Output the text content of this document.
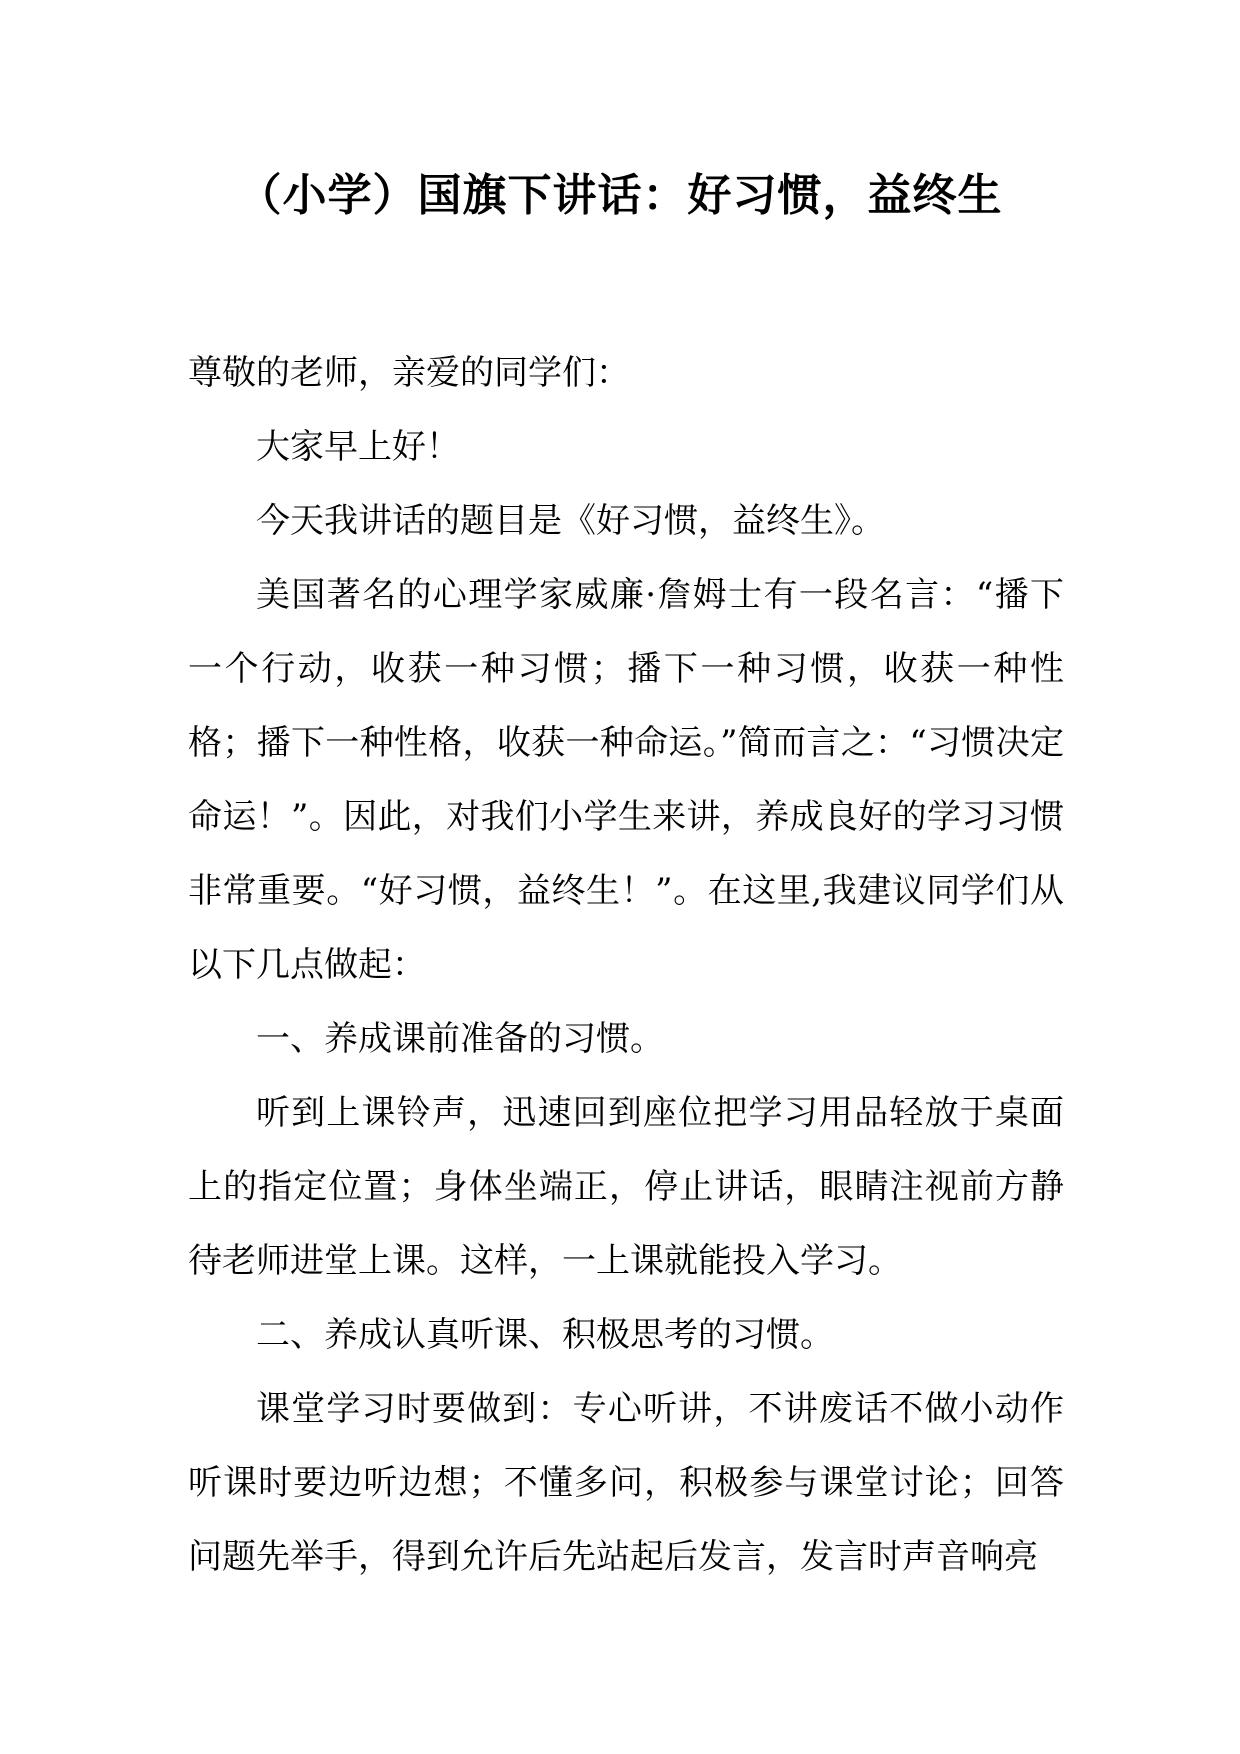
（小学）国旗下讲话：好习惯，益终生

尊敬的老师，亲爱的同学们：

大家早上好！

今天我讲话的题目是《好习惯，益终生》。

美国著名的心理学家威廉·詹姆士有一段名言：“播下一个行动，收获一种习惯；播下一种习惯，收获一种性格；播下一种性格，收获一种命运。”简而言之：“习惯决定命运！”。因此，对我们小学生来讲，养成良好的学习习惯非常重要。“好习惯，益终生！”。在这里,我建议同学们从以下几点做起：

一、养成课前准备的习惯。

听到上课铃声，迅速回到座位把学习用品轻放于桌面上的指定位置；身体坐端正，停止讲话，眼睛注视前方静待老师进堂上课。这样，一上课就能投入学习。

二、养成认真听课、积极思考的习惯。

课堂学习时要做到：专心听讲，不讲废话不做小动作听课时要边听边想；不懂多问，积极参与课堂讨论；回答问题先举手，得到允许后先站起后发言，发言时声音响亮
